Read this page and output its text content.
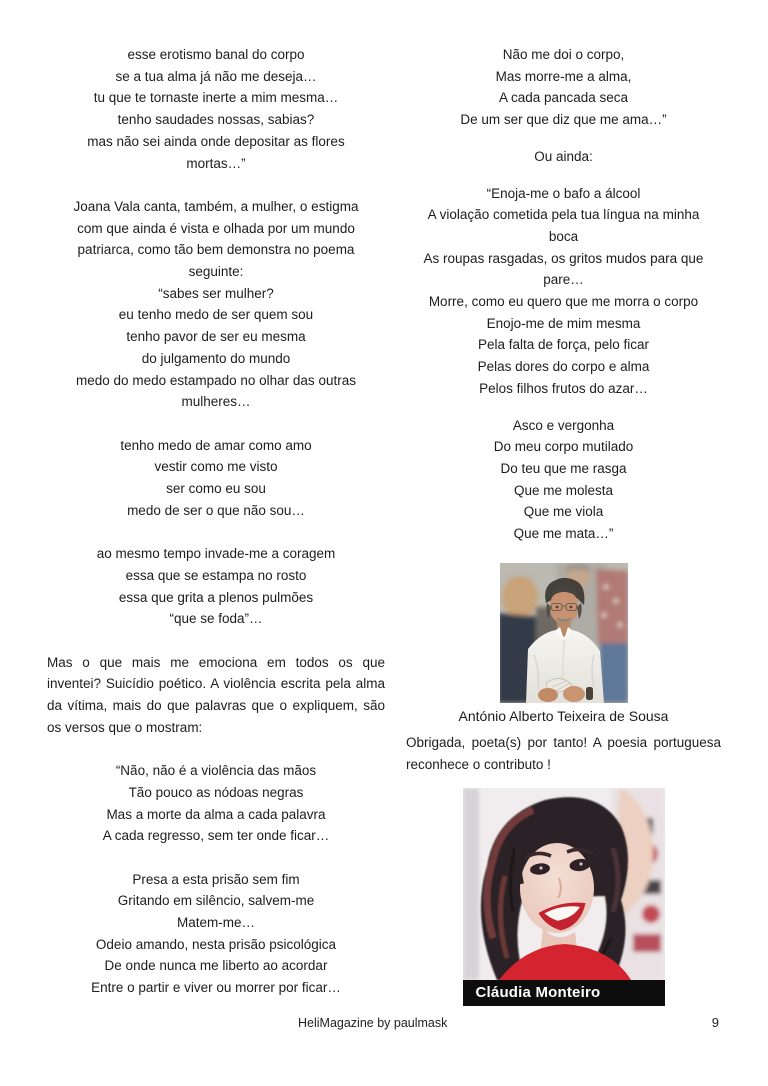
esse erotismo banal do corpo
se a tua alma já não me deseja…
tu que te tornaste inerte a mim mesma…
tenho saudades nossas, sabias?
mas não sei ainda onde depositar as flores
mortas…”
Joana Vala canta, também, a mulher, o estigma
com que ainda é vista e olhada por um mundo
patriarca, como tão bem demonstra no poema
seguinte:
“sabes ser mulher?
eu tenho medo de ser quem sou
tenho pavor de ser eu mesma
do julgamento do mundo
medo do medo estampado no olhar das outras
mulheres…
tenho medo de amar como amo
vestir como me visto
ser como eu sou
medo de ser o que não sou…
ao mesmo tempo invade-me a coragem
essa que se estampa no rosto
essa que grita a plenos pulmões
“que se foda”…
Mas o que mais me emociona em todos os que inventei? Suicídio poético. A violência escrita pela alma da vítima, mais do que palavras que o expliquem, são os versos que o mostram:
“Não, não é a violência das mãos
Tão pouco as nódoas negras
Mas a morte da alma a cada palavra
A cada regresso, sem ter onde ficar…
Presa a esta prisão sem fim
Gritando em silêncio, salvem-me
Matem-me…
Odeio amando, nesta prisão psicológica
De onde nunca me liberto ao acordar
Entre o partir e viver ou morrer por ficar…
Não me doi o corpo,
Mas morre-me a alma,
A cada pancada seca
De um ser que diz que me ama…”
Ou ainda:
“Enoja-me o bafo a álcool
A violação cometida pela tua língua na minha
boca
As roupas rasgadas, os gritos mudos para que
pare…
Morre, como eu quero que me morra o corpo
Enojo-me de mim mesma
Pela falta de força, pelo ficar
Pelas dores do corpo e alma
Pelos filhos frutos do azar…
Asco e vergonha
Do meu corpo mutilado
Do teu que me rasga
Que me molesta
Que me viola
Que me mata…”
António Alberto Teixeira de Sousa

Obrigada, poeta(s) por tanto! A poesia portuguesa reconhece o contributo !

Cláudia Monteiro
HeliMagazine by paulmask	9
